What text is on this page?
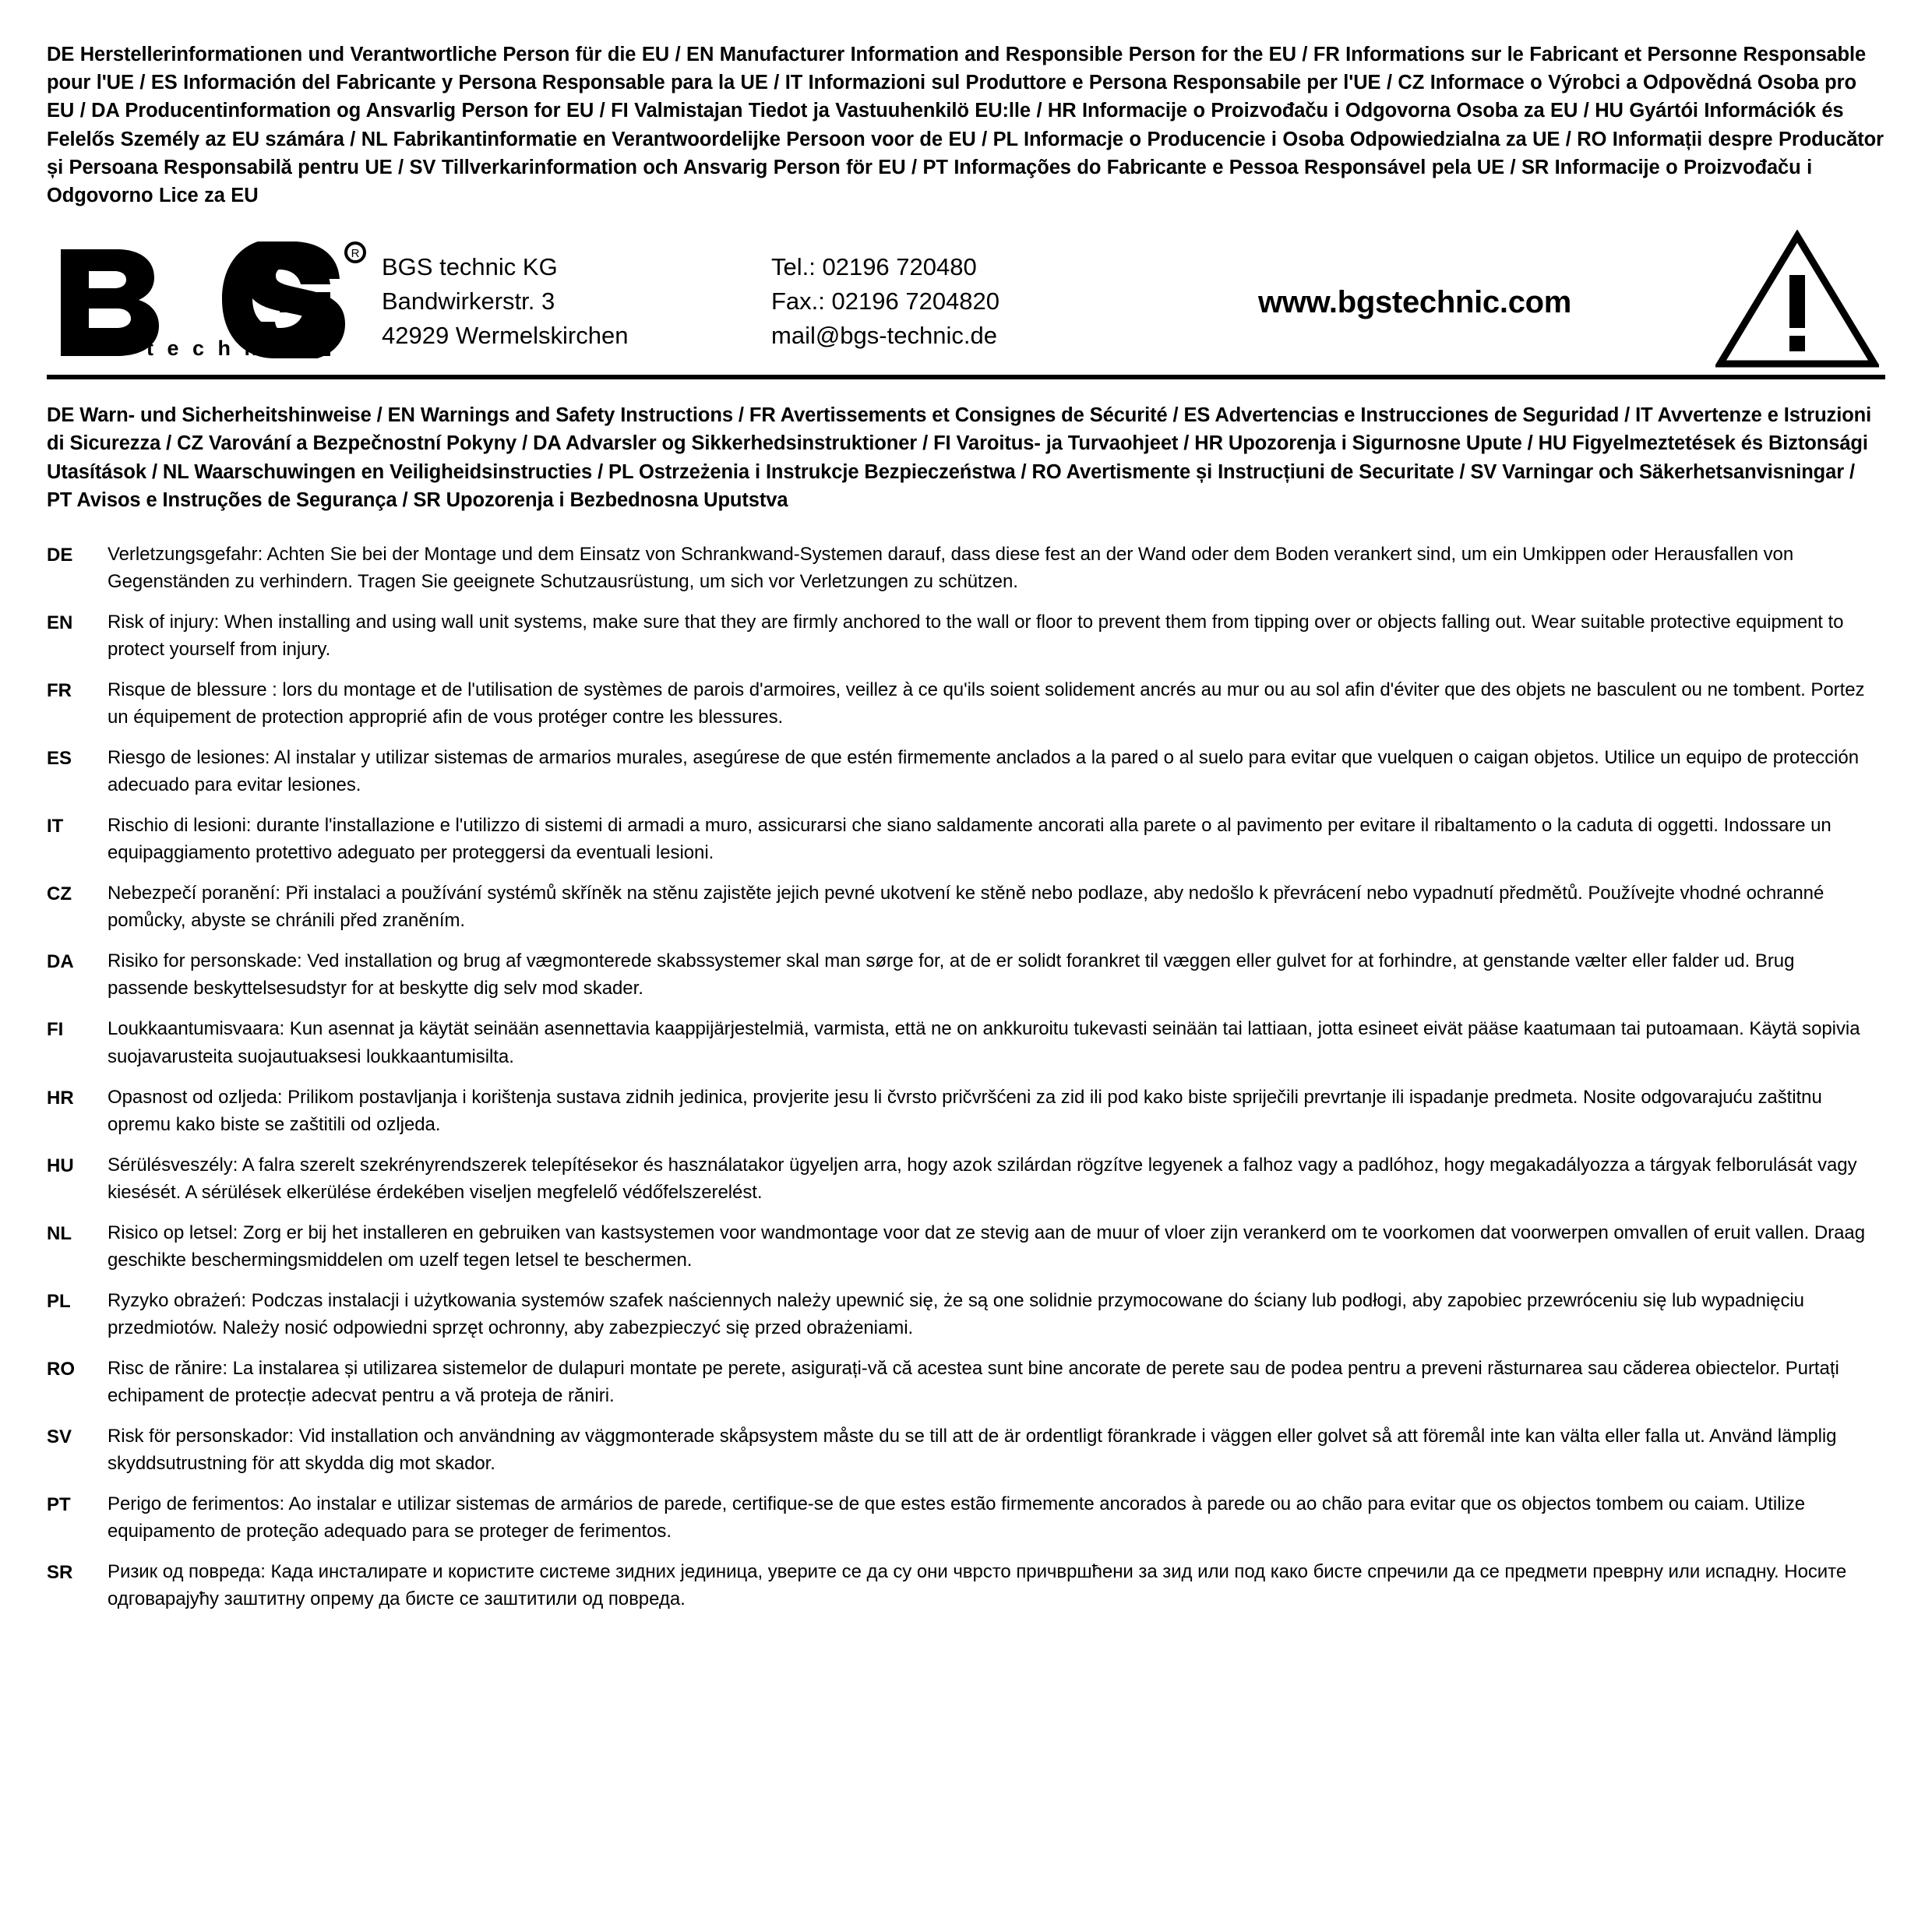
DE Herstellerinformationen und Verantwortliche Person für die EU / EN Manufacturer Information and Responsible Person for the EU / FR Informations sur le Fabricant et Personne Responsable pour l'UE / ES Información del Fabricante y Persona Responsable para la UE / IT Informazioni sul Produttore e Persona Responsabile per l'UE / CZ Informace o Výrobci a Odpovědná Osoba pro EU / DA Producentinformation og Ansvarlig Person for EU / FI Valmistajan Tiedot ja Vastuuhenkilö EU:lle / HR Informacije o Proizvođaču i Odgovorna Osoba za EU / HU Gyártói Információk és Felelős Személy az EU számára / NL Fabrikantinformatie en Verantwoordelijke Persoon voor de EU / PL Informacje o Producencie i Osoba Odpowiedzialna za UE / RO Informații despre Producător și Persoana Responsabilă pentru UE / SV Tillverkarinformation och Ansvarig Person för EU / PT Informações do Fabricante e Pessoa Responsável pela UE / SR Informacije o Proizvođaču i Odgovorno Lice za EU
R
t e c h n i c
BGS technic KG
Bandwirkerstr. 3
42929 Wermelskirchen
Tel.: 02196 720480
Fax.: 02196 7204820
mail@bgs-technic.de
www.bgstechnic.com
DE Warn- und Sicherheitshinweise / EN Warnings and Safety Instructions / FR Avertissements et Consignes de Sécurité / ES Advertencias e Instrucciones de Seguridad / IT Avvertenze e Istruzioni di Sicurezza / CZ Varování a Bezpečnostní Pokyny / DA Advarsler og Sikkerhedsinstruktioner / FI Varoitus- ja Turvaohjeet / HR Upozorenja i Sigurnosne Upute / HU Figyelmeztetések és Biztonsági Utasítások / NL Waarschuwingen en Veiligheidsinstructies / PL Ostrzeżenia i Instrukcje Bezpieczeństwa / RO Avertismente și Instrucțiuni de Securitate / SV Varningar och Säkerhetsanvisningar / PT Avisos e Instruções de Segurança / SR Upozorenja i Bezbednosna Uputstva
DE	Verletzungsgefahr: Achten Sie bei der Montage und dem Einsatz von Schrankwand-Systemen darauf, dass diese fest an der Wand oder dem Boden verankert sind, um ein Umkippen oder Herausfallen von Gegenständen zu verhindern. Tragen Sie geeignete Schutzausrüstung, um sich vor Verletzungen zu schützen.
EN	Risk of injury: When installing and using wall unit systems, make sure that they are firmly anchored to the wall or floor to prevent them from tipping over or objects falling out. Wear suitable protective equipment to protect yourself from injury.
FR	Risque de blessure : lors du montage et de l'utilisation de systèmes de parois d'armoires, veillez à ce qu'ils soient solidement ancrés au mur ou au sol afin d'éviter que des objets ne basculent ou ne tombent. Portez un équipement de protection approprié afin de vous protéger contre les blessures.
ES	Riesgo de lesiones: Al instalar y utilizar sistemas de armarios murales, asegúrese de que estén firmemente anclados a la pared o al suelo para evitar que vuelquen o caigan objetos. Utilice un equipo de protección adecuado para evitar lesiones.
IT	Rischio di lesioni: durante l'installazione e l'utilizzo di sistemi di armadi a muro, assicurarsi che siano saldamente ancorati alla parete o al pavimento per evitare il ribaltamento o la caduta di oggetti. Indossare un equipaggiamento protettivo adeguato per proteggersi da eventuali lesioni.
CZ	Nebezpečí poranění: Při instalaci a používání systémů skříněk na stěnu zajistěte jejich pevné ukotvení ke stěně nebo podlaze, aby nedošlo k převrácení nebo vypadnutí předmětů. Používejte vhodné ochranné pomůcky, abyste se chránili před zraněním.
DA	Risiko for personskade: Ved installation og brug af vægmonterede skabssystemer skal man sørge for, at de er solidt forankret til væggen eller gulvet for at forhindre, at genstande vælter eller falder ud. Brug passende beskyttelsesudstyr for at beskytte dig selv mod skader.
FI	Loukkaantumisvaara: Kun asennat ja käytät seinään asennettavia kaappijärjestelmiä, varmista, että ne on ankkuroitu tukevasti seinään tai lattiaan, jotta esineet eivät pääse kaatumaan tai putoamaan. Käytä sopivia suojavarusteita suojautuaksesi loukkaantumisilta.
HR	Opasnost od ozljeda: Prilikom postavljanja i korištenja sustava zidnih jedinica, provjerite jesu li čvrsto pričvršćeni za zid ili pod kako biste spriječili prevrtanje ili ispadanje predmeta. Nosite odgovarajuću zaštitnu opremu kako biste se zaštitili od ozljeda.
HU	Sérülésveszély: A falra szerelt szekrényrendszerek telepítésekor és használatakor ügyeljen arra, hogy azok szilárdan rögzítve legyenek a falhoz vagy a padlóhoz, hogy megakadályozza a tárgyak felborulását vagy kiesését. A sérülések elkerülése érdekében viseljen megfelelő védőfelszerelést.
NL	Risico op letsel: Zorg er bij het installeren en gebruiken van kastsystemen voor wandmontage voor dat ze stevig aan de muur of vloer zijn verankerd om te voorkomen dat voorwerpen omvallen of eruit vallen. Draag geschikte beschermingsmiddelen om uzelf tegen letsel te beschermen.
PL	Ryzyko obrażeń: Podczas instalacji i użytkowania systemów szafek naściennych należy upewnić się, że są one solidnie przymocowane do ściany lub podłogi, aby zapobiec przewróceniu się lub wypadnięciu przedmiotów. Należy nosić odpowiedni sprzęt ochronny, aby zabezpieczyć się przed obrażeniami.
RO	Risc de rănire: La instalarea și utilizarea sistemelor de dulapuri montate pe perete, asigurați-vă că acestea sunt bine ancorate de perete sau de podea pentru a preveni răsturnarea sau căderea obiectelor. Purtați echipament de protecție adecvat pentru a vă proteja de răniri.
SV	Risk för personskador: Vid installation och användning av väggmonterade skåpsystem måste du se till att de är ordentligt förankrade i väggen eller golvet så att föremål inte kan välta eller falla ut. Använd lämplig skyddsutrustning för att skydda dig mot skador.
PT	Perigo de ferimentos: Ao instalar e utilizar sistemas de armários de parede, certifique-se de que estes estão firmemente ancorados à parede ou ao chão para evitar que os objectos tombem ou caiam. Utilize equipamento de proteção adequado para se proteger de ferimentos.
SR	Ризик од повреда: Када инсталирате и користите системе зидних јединица, уверите се да су они чврсто причвршћени за зид или под како бисте спречили да се предмети преврну или испадну. Носите одговарајућу заштитну опрему да бисте се заштитили од повреда.
